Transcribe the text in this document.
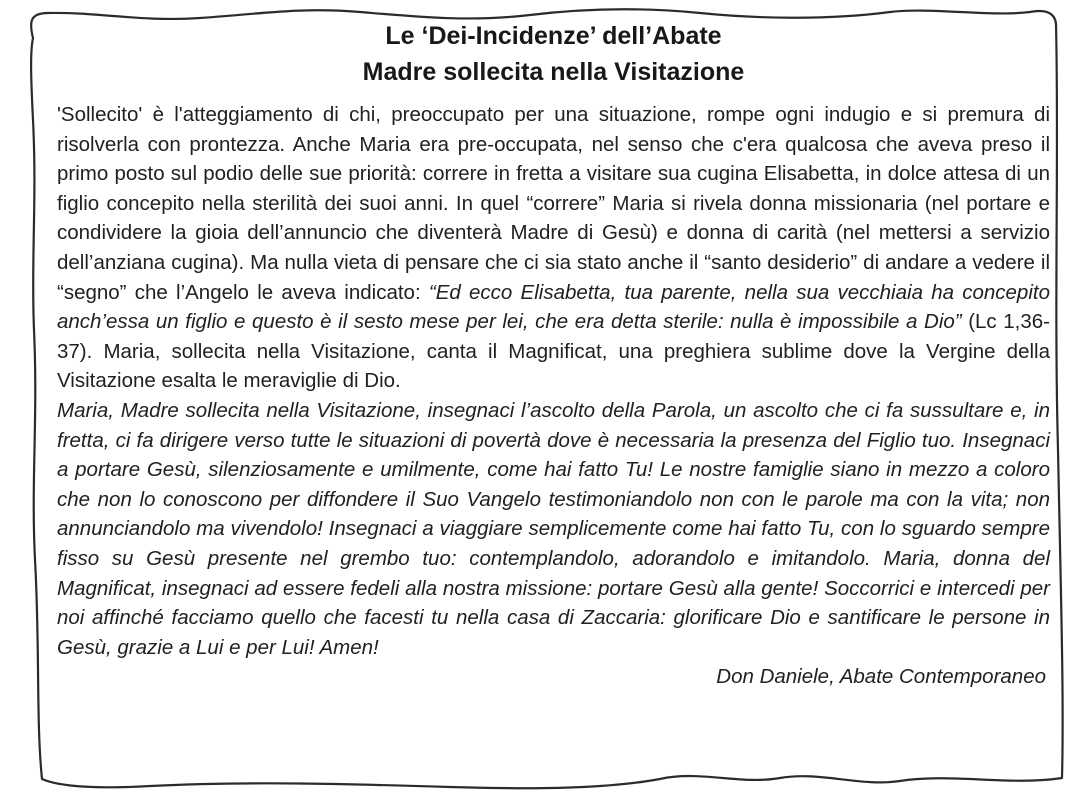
Le ‘Dei-Incidenze’ dell’Abate
Madre sollecita nella Visitazione

'Sollecito' è l'atteggiamento di chi, preoccupato per una situazione, rompe ogni indugio e si premura di risolverla con prontezza. Anche Maria era pre-occupata, nel senso che c'era qualcosa che aveva preso il primo posto sul podio delle sue priorità: correre in fretta a visitare sua cugina Elisabetta, in dolce attesa di un figlio concepito nella sterilità dei suoi anni. In quel “correre” Maria si rivela donna missionaria (nel portare e condividere la gioia dell’annuncio che diventerà Madre di Gesù) e donna di carità (nel mettersi a servizio dell’anziana cugina). Ma nulla vieta di pensare che ci sia stato anche il “santo desiderio” di andare a vedere il “segno” che l’Angelo le aveva indicato: “Ed ecco Elisabetta, tua parente, nella sua vecchiaia ha concepito anch’essa un figlio e questo è il sesto mese per lei, che era detta sterile: nulla è impossibile a Dio” (Lc 1,36-37). Maria, sollecita nella Visitazione, canta il Magnificat, una preghiera sublime dove la Vergine della Visitazione esalta le meraviglie di Dio.

Maria, Madre sollecita nella Visitazione, insegnaci l’ascolto della Parola, un ascolto che ci fa sussultare e, in fretta, ci fa dirigere verso tutte le situazioni di povertà dove è necessaria la presenza del Figlio tuo. Insegnaci a portare Gesù, silenziosamente e umilmente, come hai fatto Tu! Le nostre famiglie siano in mezzo a coloro che non lo conoscono per diffondere il Suo Vangelo testimoniandolo non con le parole ma con la vita; non annunciandolo ma vivendolo! Insegnaci a viaggiare semplicemente come hai fatto Tu, con lo sguardo sempre fisso su Gesù presente nel grembo tuo: contemplandolo, adorandolo e imitandolo. Maria, donna del Magnificat, insegnaci ad essere fedeli alla nostra missione: portare Gesù alla gente! Soccorrici e intercedi per noi affinché facciamo quello che facesti tu nella casa di Zaccaria: glorificare Dio e santificare le persone in Gesù, grazie a Lui e per Lui! Amen!

Don Daniele, Abate Contemporaneo
